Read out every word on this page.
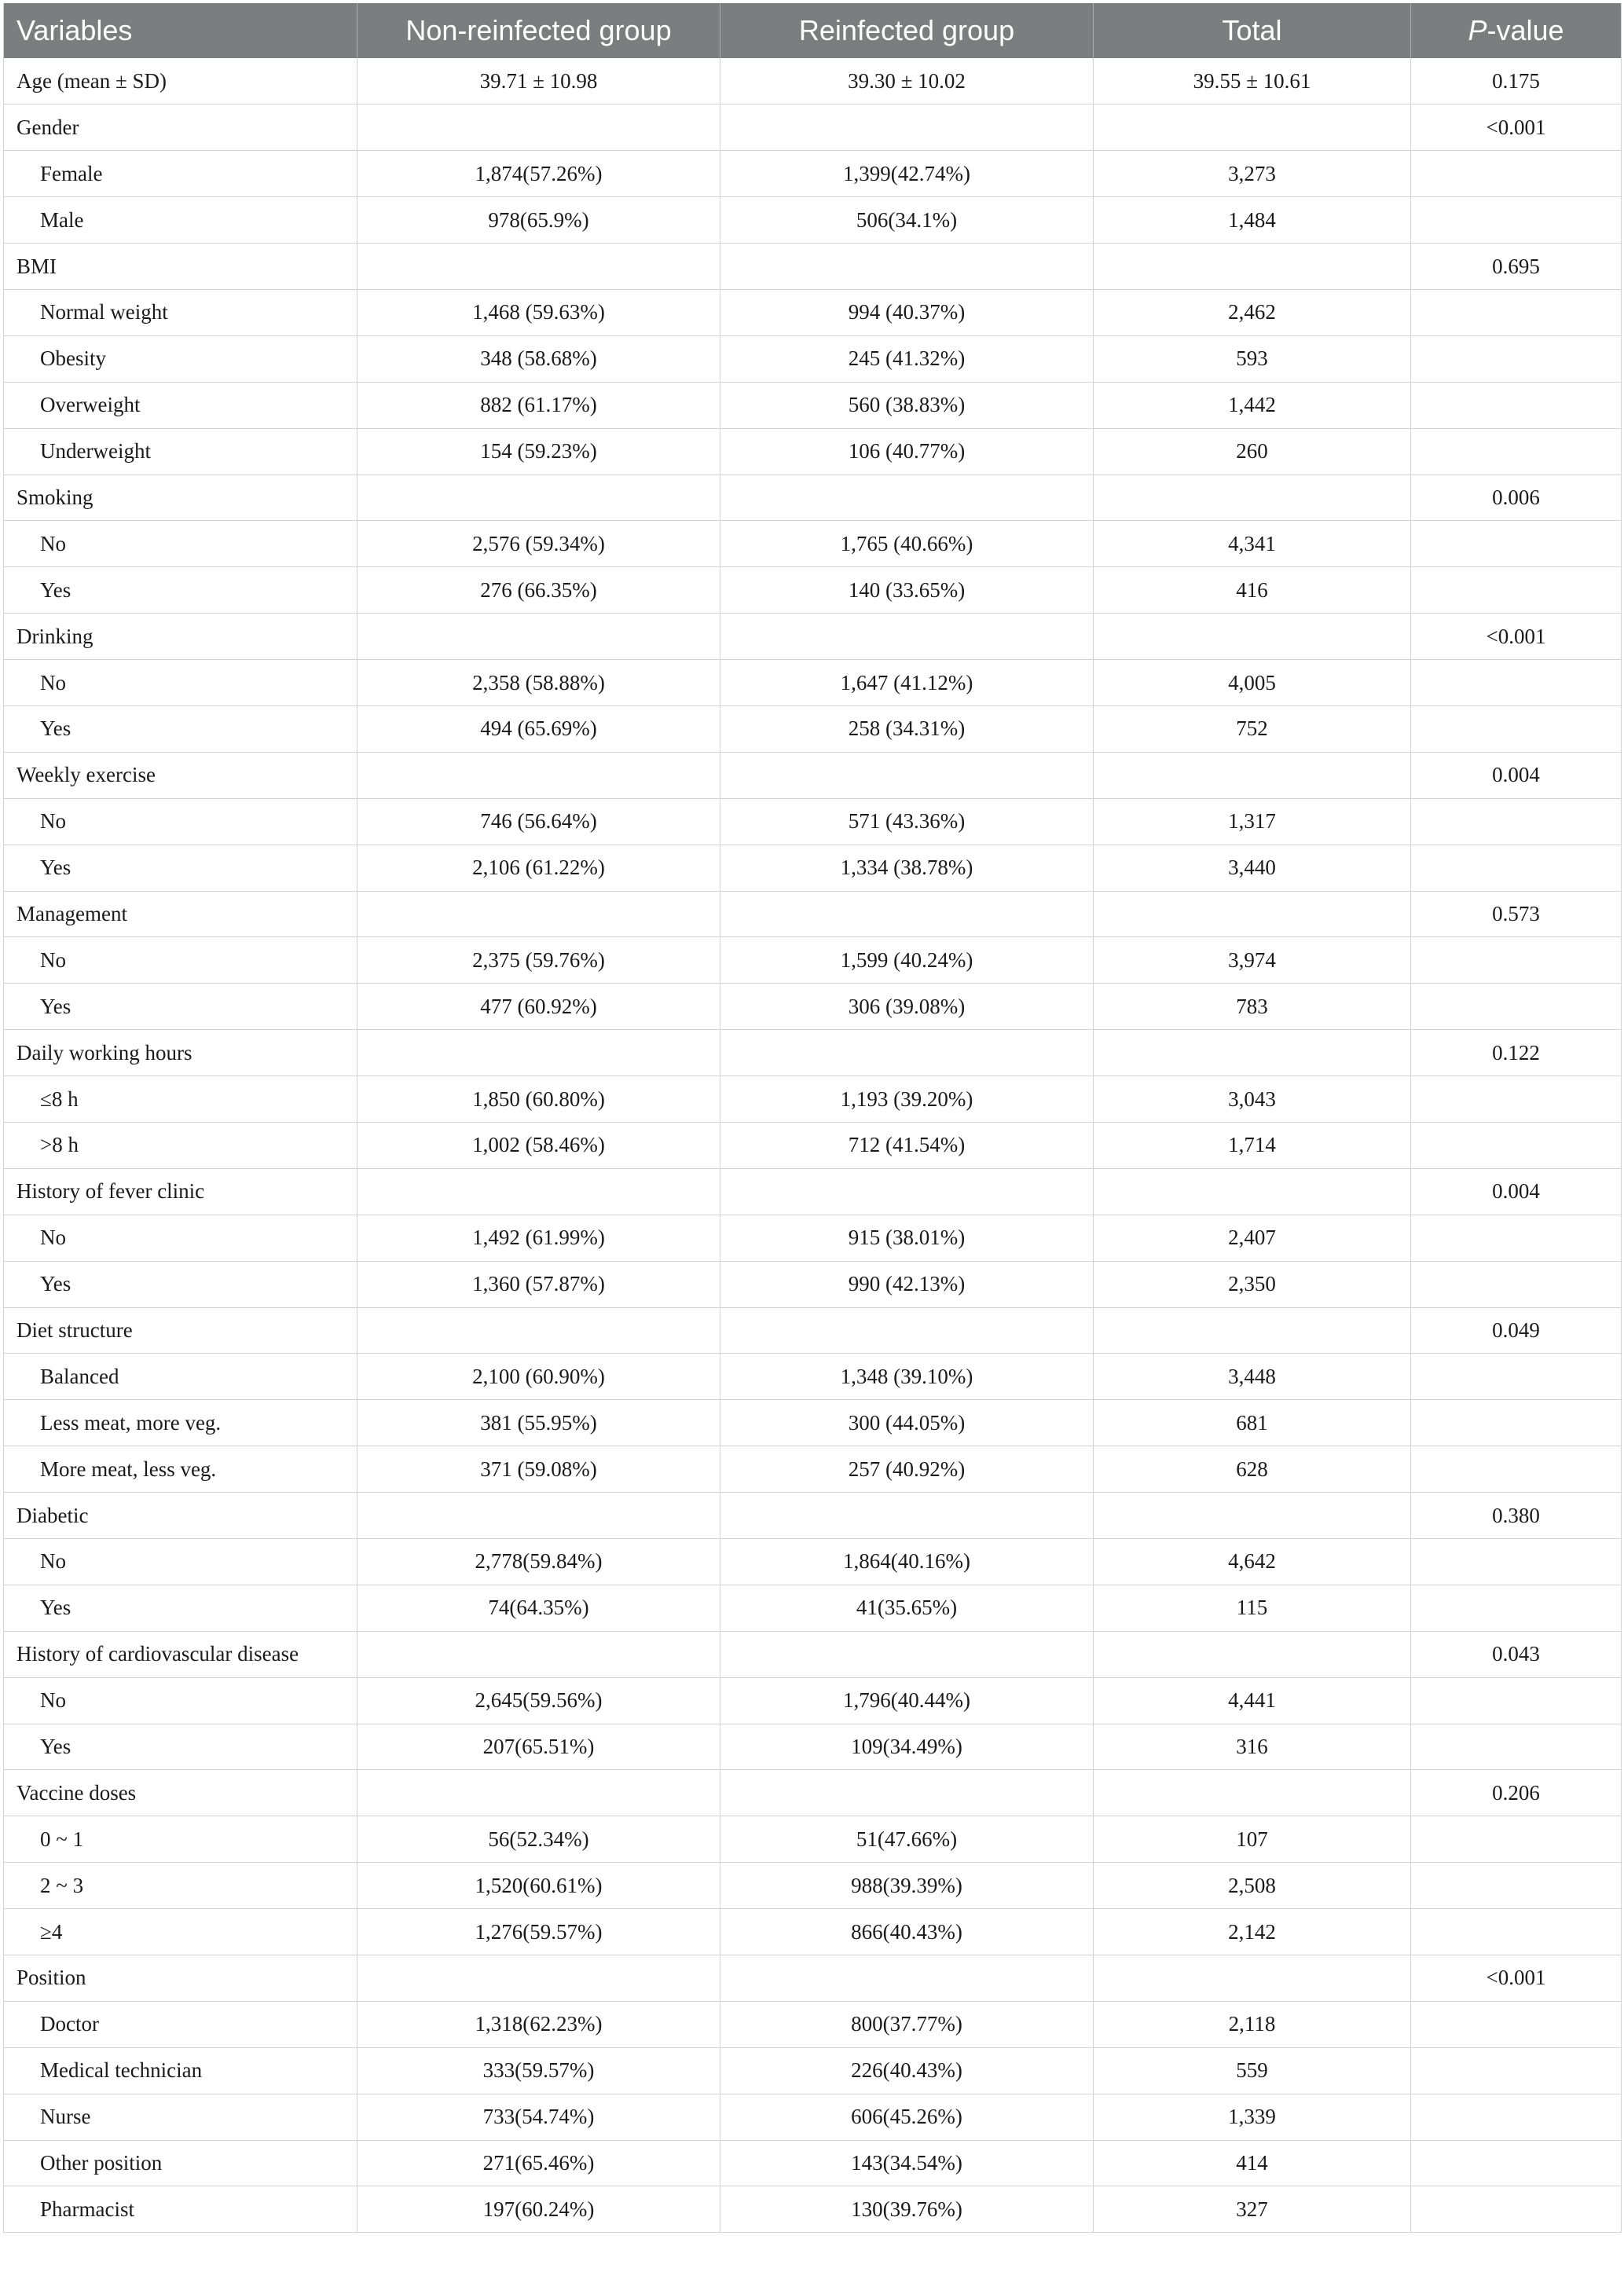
Variables	Non-reinfected group	Reinfected group	Total	P-value
Age (mean ± SD)	39.71 ± 10.98	39.30 ± 10.02	39.55 ± 10.61	0.175
Gender				<0.001
Female	1,874(57.26%)	1,399(42.74%)	3,273	
Male	978(65.9%)	506(34.1%)	1,484	
BMI				0.695
Normal weight	1,468 (59.63%)	994 (40.37%)	2,462	
Obesity	348 (58.68%)	245 (41.32%)	593	
Overweight	882 (61.17%)	560 (38.83%)	1,442	
Underweight	154 (59.23%)	106 (40.77%)	260	
Smoking				0.006
No	2,576 (59.34%)	1,765 (40.66%)	4,341	
Yes	276 (66.35%)	140 (33.65%)	416	
Drinking				<0.001
No	2,358 (58.88%)	1,647 (41.12%)	4,005	
Yes	494 (65.69%)	258 (34.31%)	752	
Weekly exercise				0.004
No	746 (56.64%)	571 (43.36%)	1,317	
Yes	2,106 (61.22%)	1,334 (38.78%)	3,440	
Management				0.573
No	2,375 (59.76%)	1,599 (40.24%)	3,974	
Yes	477 (60.92%)	306 (39.08%)	783	
Daily working hours				0.122
≤8 h	1,850 (60.80%)	1,193 (39.20%)	3,043	
>8 h	1,002 (58.46%)	712 (41.54%)	1,714	
History of fever clinic				0.004
No	1,492 (61.99%)	915 (38.01%)	2,407	
Yes	1,360 (57.87%)	990 (42.13%)	2,350	
Diet structure				0.049
Balanced	2,100 (60.90%)	1,348 (39.10%)	3,448	
Less meat, more veg.	381 (55.95%)	300 (44.05%)	681	
More meat, less veg.	371 (59.08%)	257 (40.92%)	628	
Diabetic				0.380
No	2,778(59.84%)	1,864(40.16%)	4,642	
Yes	74(64.35%)	41(35.65%)	115	
History of cardiovascular disease				0.043
No	2,645(59.56%)	1,796(40.44%)	4,441	
Yes	207(65.51%)	109(34.49%)	316	
Vaccine doses				0.206
0 ~ 1	56(52.34%)	51(47.66%)	107	
2 ~ 3	1,520(60.61%)	988(39.39%)	2,508	
≥4	1,276(59.57%)	866(40.43%)	2,142	
Position				<0.001
Doctor	1,318(62.23%)	800(37.77%)	2,118	
Medical technician	333(59.57%)	226(40.43%)	559	
Nurse	733(54.74%)	606(45.26%)	1,339	
Other position	271(65.46%)	143(34.54%)	414	
Pharmacist	197(60.24%)	130(39.76%)	327	
